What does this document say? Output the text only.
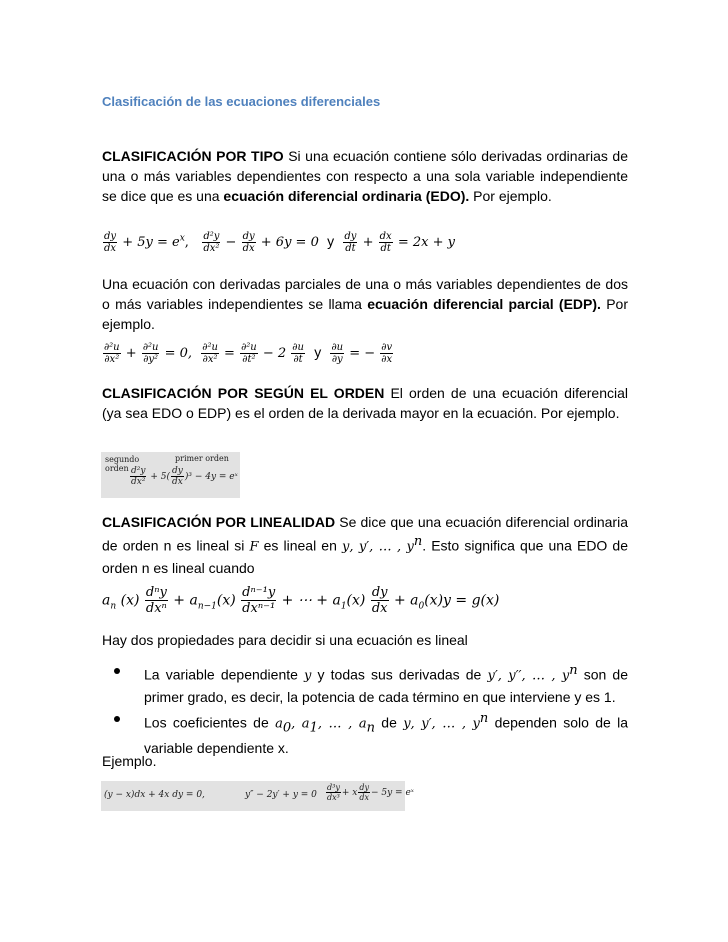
Clasificación de las ecuaciones diferenciales
CLASIFICACIÓN POR TIPO Si una ecuación contiene sólo derivadas ordinarias de una o más variables dependientes con respecto a una sola variable independiente se dice que es una ecuación diferencial ordinaria (EDO). Por ejemplo.
$\frac{\text{𝑑𝑦}}{\text{𝑑𝑥}}$ + 5𝑦 = 𝑒$^𝑥$, $\frac{\text{𝑑²𝑦}}{\text{𝑑𝑥²}} - \frac{\text{𝑑𝑦}}{\text{𝑑𝑥}}$ + 6𝑦 = 0 y $\frac{\text{𝑑𝑦}}{\text{𝑑𝑡}} + \frac{\text{𝑑𝑥}}{\text{𝑑𝑡}}$ = 2𝑥 + 𝑦
Una ecuación con derivadas parciales de una o más variables dependientes de dos o más variables independientes se llama ecuación diferencial parcial (EDP). Por ejemplo.
$\frac{\text{∂²𝑢}}{\text{∂𝑥²}} + \frac{\text{∂²𝑢}}{\text{∂𝑦²}} = 0$, $\frac{\text{∂²𝑢}}{\text{∂𝑥²}} = \frac{\text{∂²𝑢}}{\text{∂𝑡²}} - 2 \frac{\text{∂𝑢}}{\text{∂𝑡}}$ y $\frac{\text{∂𝑢}}{\text{∂𝑦}}$ = − $\frac{\text{∂𝑣}}{\text{∂𝑥}}$
CLASIFICACIÓN POR SEGÚN EL ORDEN El orden de una ecuación diferencial (ya sea EDO o EDP) es el orden de la derivada mayor en la ecuación. Por ejemplo.
segundo orden
primer orden
$\frac{\text{d²y}}{\text{dx²}} + 5( \frac{dy}{dx} )^3 - 4y$ = eˣ
CLASIFICACIÓN POR LINEALIDAD Se dice que una ecuación diferencial ordinaria de orden n es lineal si 𝐹 es lineal en 𝑦, 𝑦′, … , 𝑦𝑛. Esto significa que una EDO de orden n es lineal cuando
𝑎$_𝑛$ (𝑥) $\frac{\text{𝑑ⁿ𝑦}}{\text{𝑑𝑥ⁿ}}$ + 𝑎$_{𝑛-1}$(𝑥) $\frac{\text{𝑑ⁿ⁻¹𝑦}}{\text{𝑑𝑥ⁿ⁻¹}}$ + ⋯ + 𝑎$_1$(𝑥) $\frac{\text{𝑑𝑦}}{\text{𝑑𝑥}}$ + 𝑎$_0$(𝑥)𝑦 = 𝑔(𝑥)
Hay dos propiedades para decidir si una ecuación es lineal
La variable dependiente 𝑦 y todas sus derivadas de 𝑦′, 𝑦′′, … , 𝑦𝑛 son de primer grado, es decir, la potencia de cada término en que interviene y es 1.
Los coeficientes de 𝑎0, 𝑎1, … , 𝑎𝑛 de 𝑦, 𝑦′, … , 𝑦𝑛 dependen solo de la variable dependiente x.
Ejemplo.
(y − x)dx + 4x dy = 0,	$y'' - 2y' + y = 0 \frac{\text{d³y}}{\text{dx³}} + x \frac{dy}{dx} - 5y$ = eˣ
